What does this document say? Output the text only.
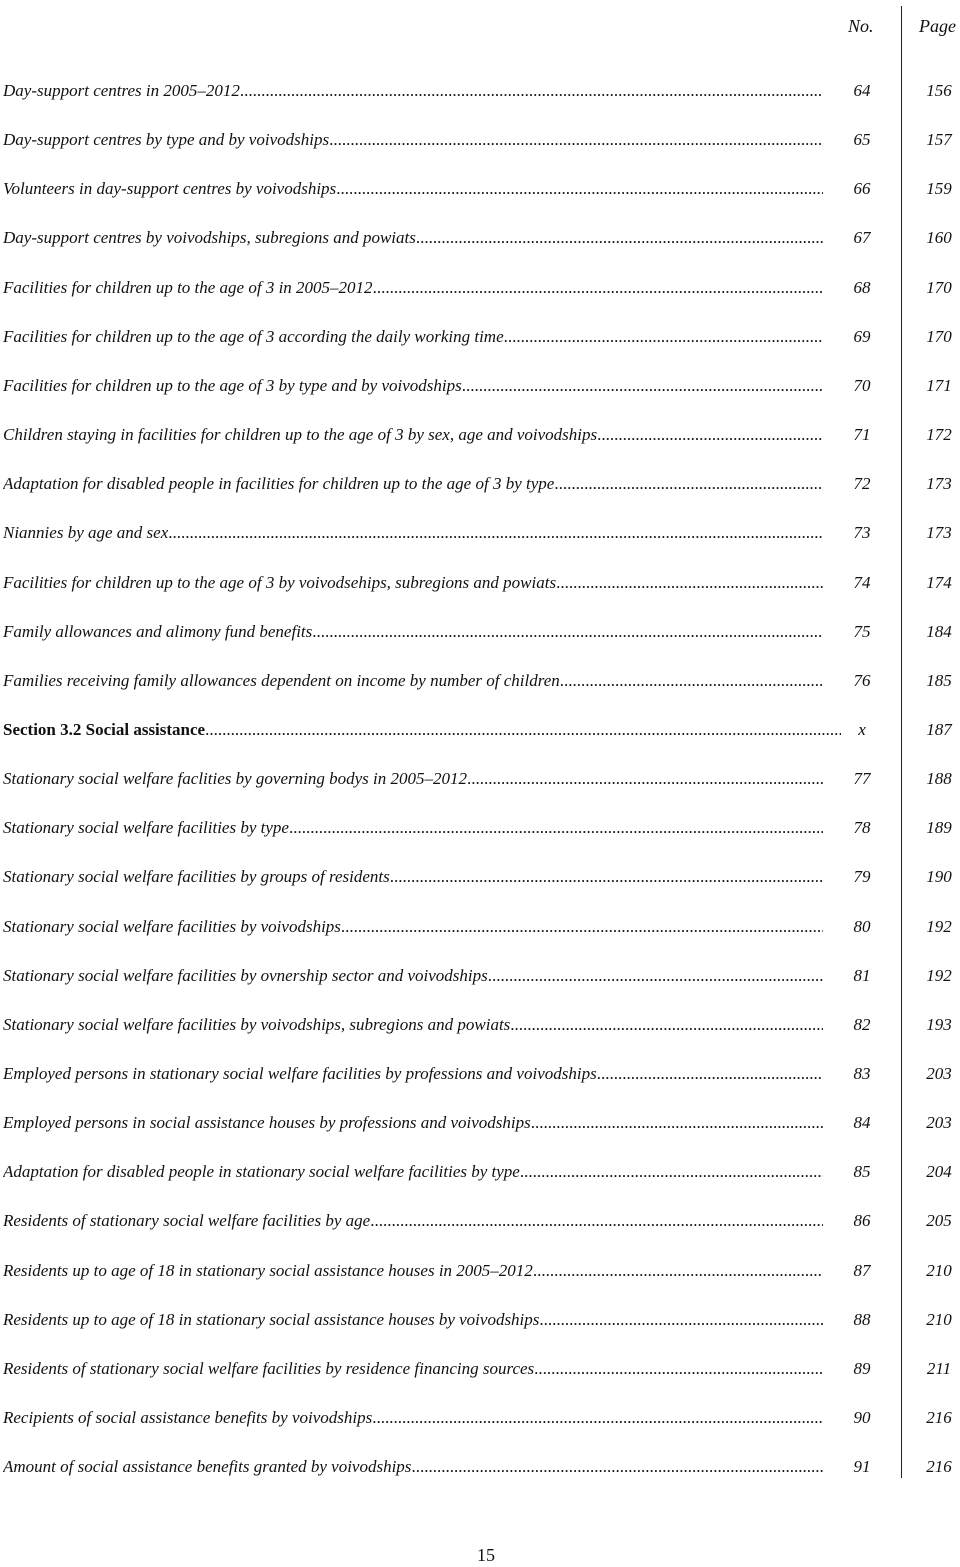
No.	Page
Day-support centres in 2005–2012 .....	64	156
Day-support centres by type and by voivodships .....	65	157
Volunteers in day-support centres by voivodships .....	66	159
Day-support centres by voivodships, subregions and powiats .....	67	160
Facilities for children up to the age of 3 in 2005–2012 .....	68	170
Facilities for children up to the age of 3 according the daily working time .....	69	170
Facilities for children up to the age of 3 by type and by voivodships .....	70	171
Children staying in facilities for children up to the age of 3 by sex, age and voivodships .....	71	172
Adaptation for disabled people in facilities for children up to the age of 3 by type .....	72	173
Niannies by age and sex .....	73	173
Facilities for children up to the age of 3 by voivodsehips, subregions and powiats .....	74	174
Family allowances and alimony fund benefits .....	75	184
Families receiving family allowances dependent on income by number of children .....	76	185
Section 3.2 Social assistance .....	x	187
Stationary social welfare faclities by governing bodys in 2005–2012 .....	77	188
Stationary social welfare facilities by type .....	78	189
Stationary social welfare facilities by groups of residents .....	79	190
Stationary social welfare facilities by voivodships .....	80	192
Stationary social welfare facilities by ovnership sector and voivodships .....	81	192
Stationary social welfare facilities by voivodships, subregions and powiats .....	82	193
Employed persons in stationary social welfare facilities by professions and voivodships .....	83	203
Employed persons in social assistance houses by professions and voivodships .....	84	203
Adaptation for disabled people in stationary social welfare facilities by type .....	85	204
Residents of stationary social welfare facilities by age .....	86	205
Residents up to age of 18 in stationary social assistance houses in 2005–2012 .....	87	210
Residents up to age of 18 in stationary social assistance houses by voivodships .....	88	210
Residents of stationary social welfare facilities by residence financing sources .....	89	211
Recipients of social assistance benefits by voivodships .....	90	216
Amount of social assistance benefits granted by voivodships .....	91	216
15
